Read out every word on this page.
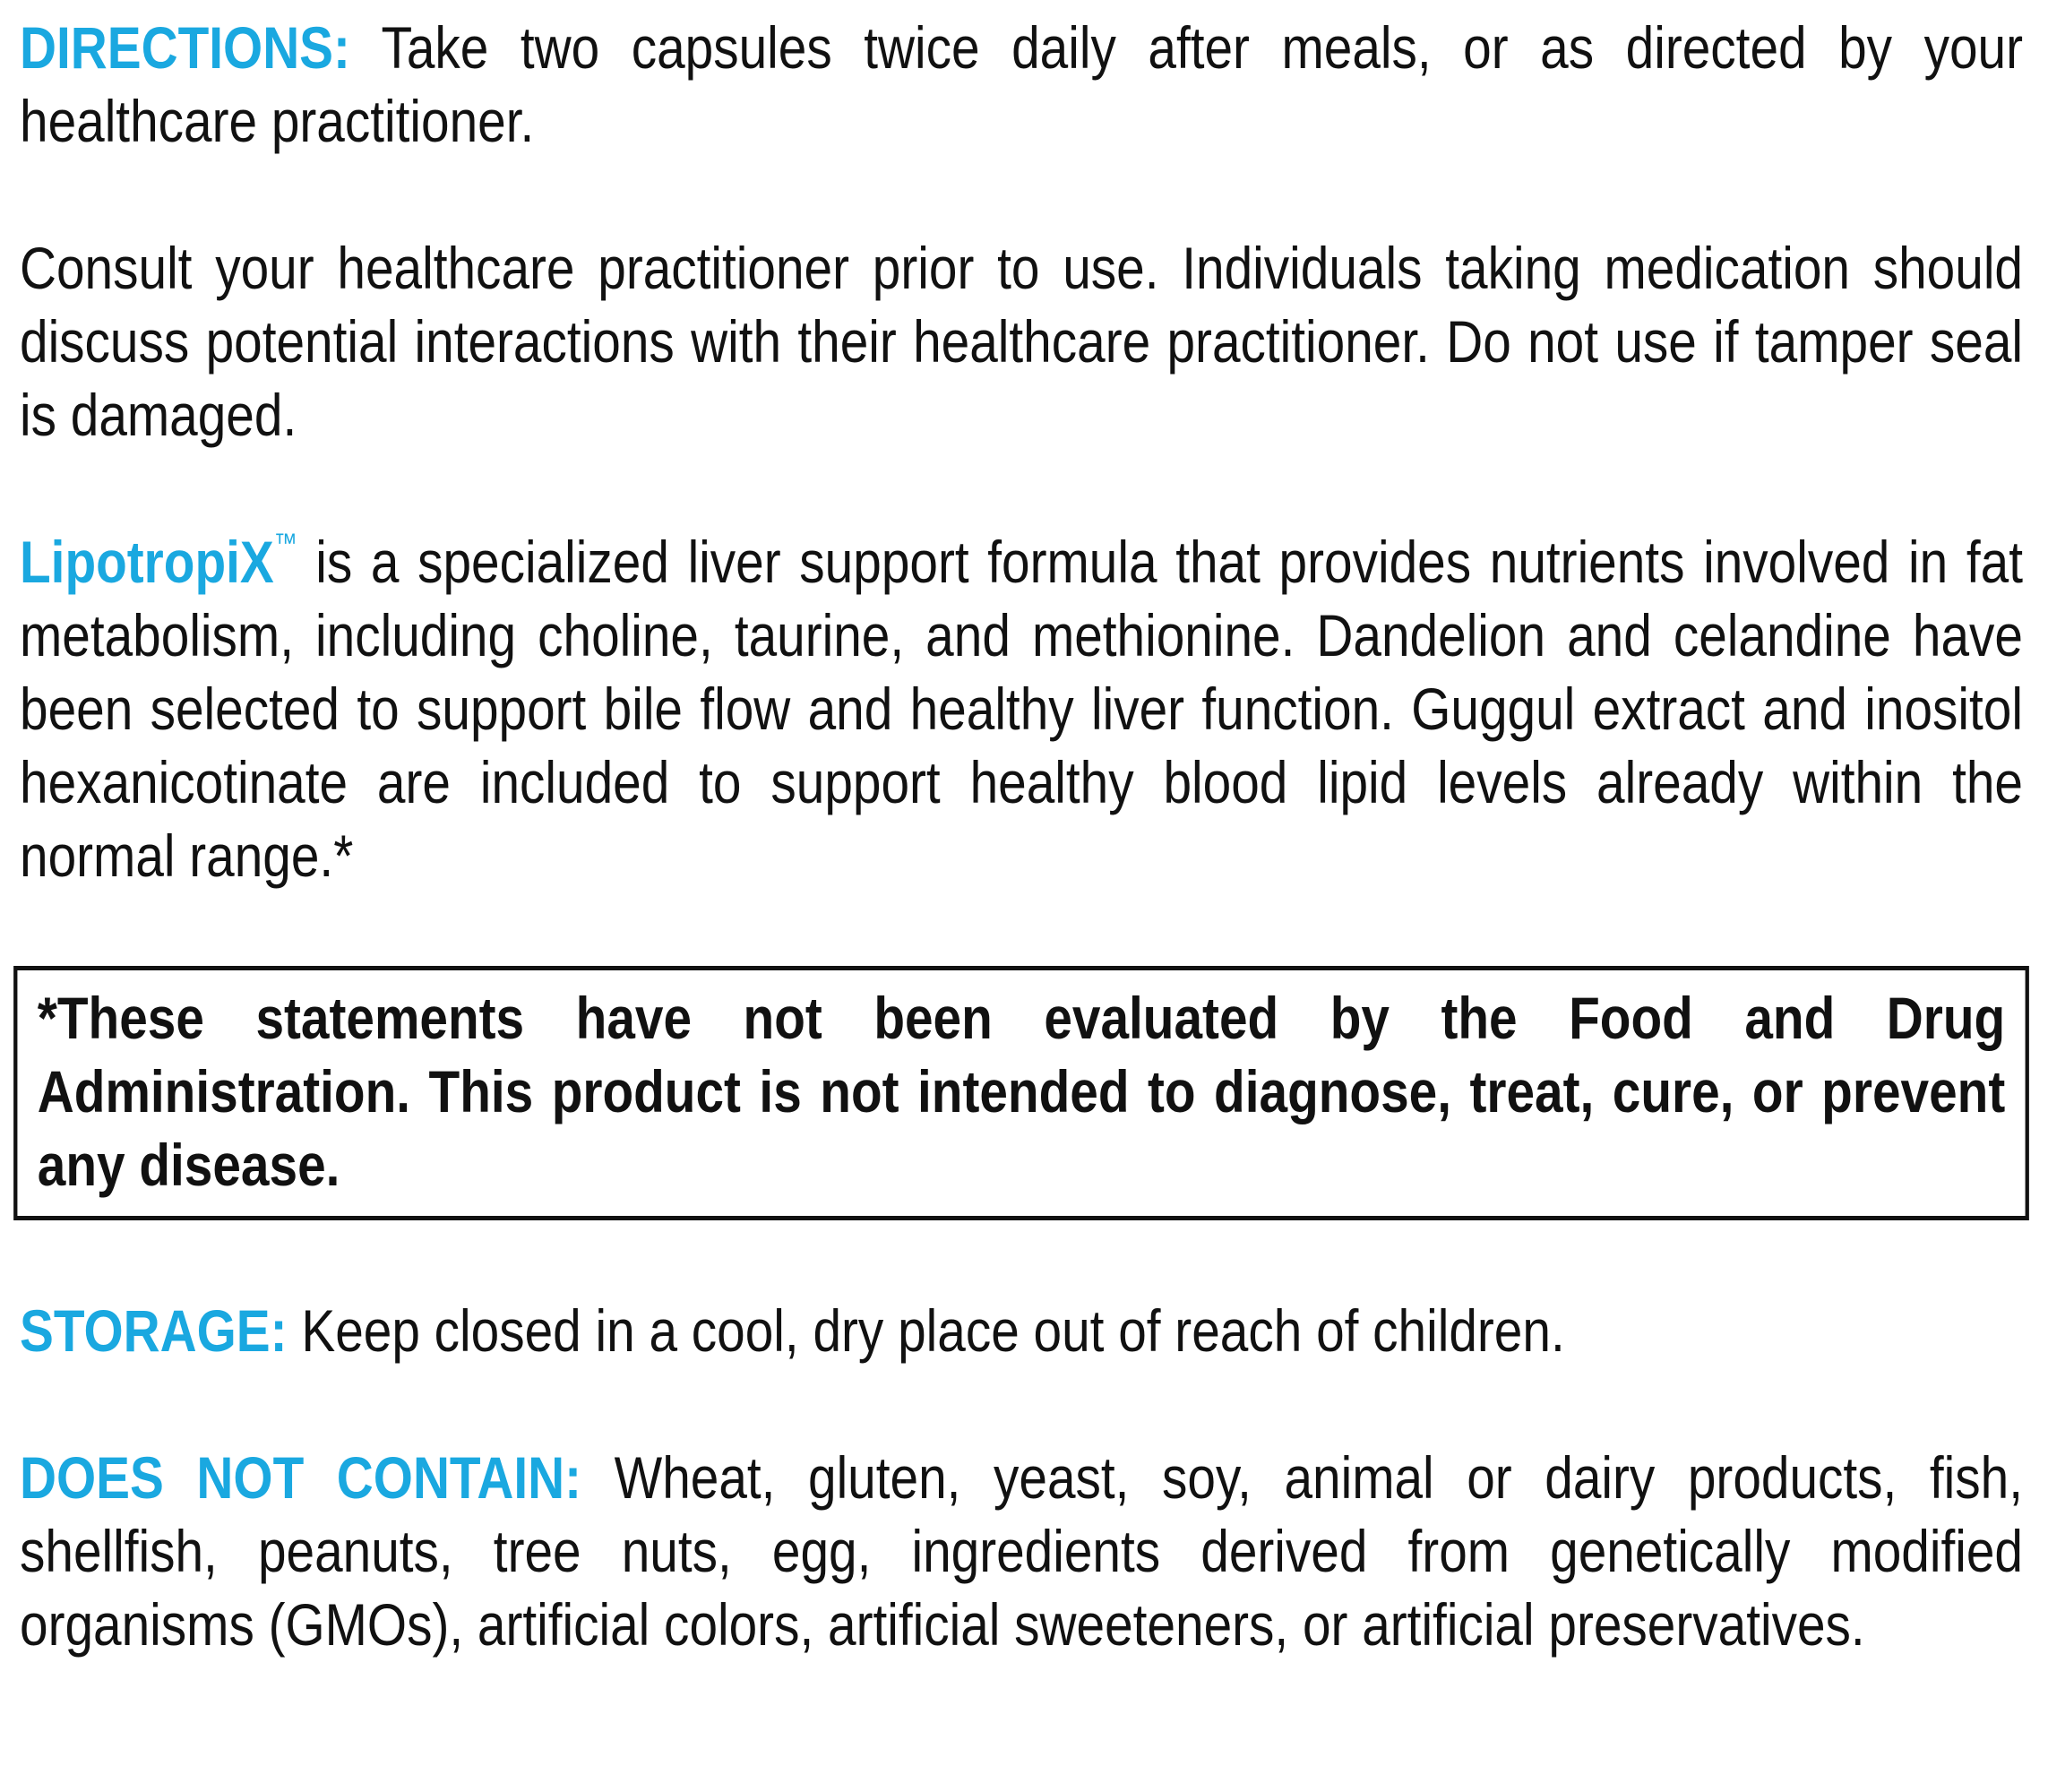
DIRECTIONS: Take two capsules twice daily after meals, or as directed by your healthcare practitioner.

Consult your healthcare practitioner prior to use. Individuals taking medication should discuss potential interactions with their healthcare practitioner. Do not use if tamper seal is damaged.

LipotropiX™ is a specialized liver support formula that provides nutrients involved in fat metabolism, including choline, taurine, and methionine. Dandelion and celandine have been selected to support bile flow and healthy liver function. Guggul extract and inositol hexanicotinate are included to support healthy blood lipid levels already within the normal range.*

*These statements have not been evaluated by the Food and Drug Administration. This product is not intended to diagnose, treat, cure, or prevent any disease.

STORAGE: Keep closed in a cool, dry place out of reach of children.

DOES NOT CONTAIN: Wheat, gluten, yeast, soy, animal or dairy products, fish, shellfish, peanuts, tree nuts, egg, ingredients derived from genetically modified organisms (GMOs), artificial colors, artificial sweeteners, or artificial preservatives.
